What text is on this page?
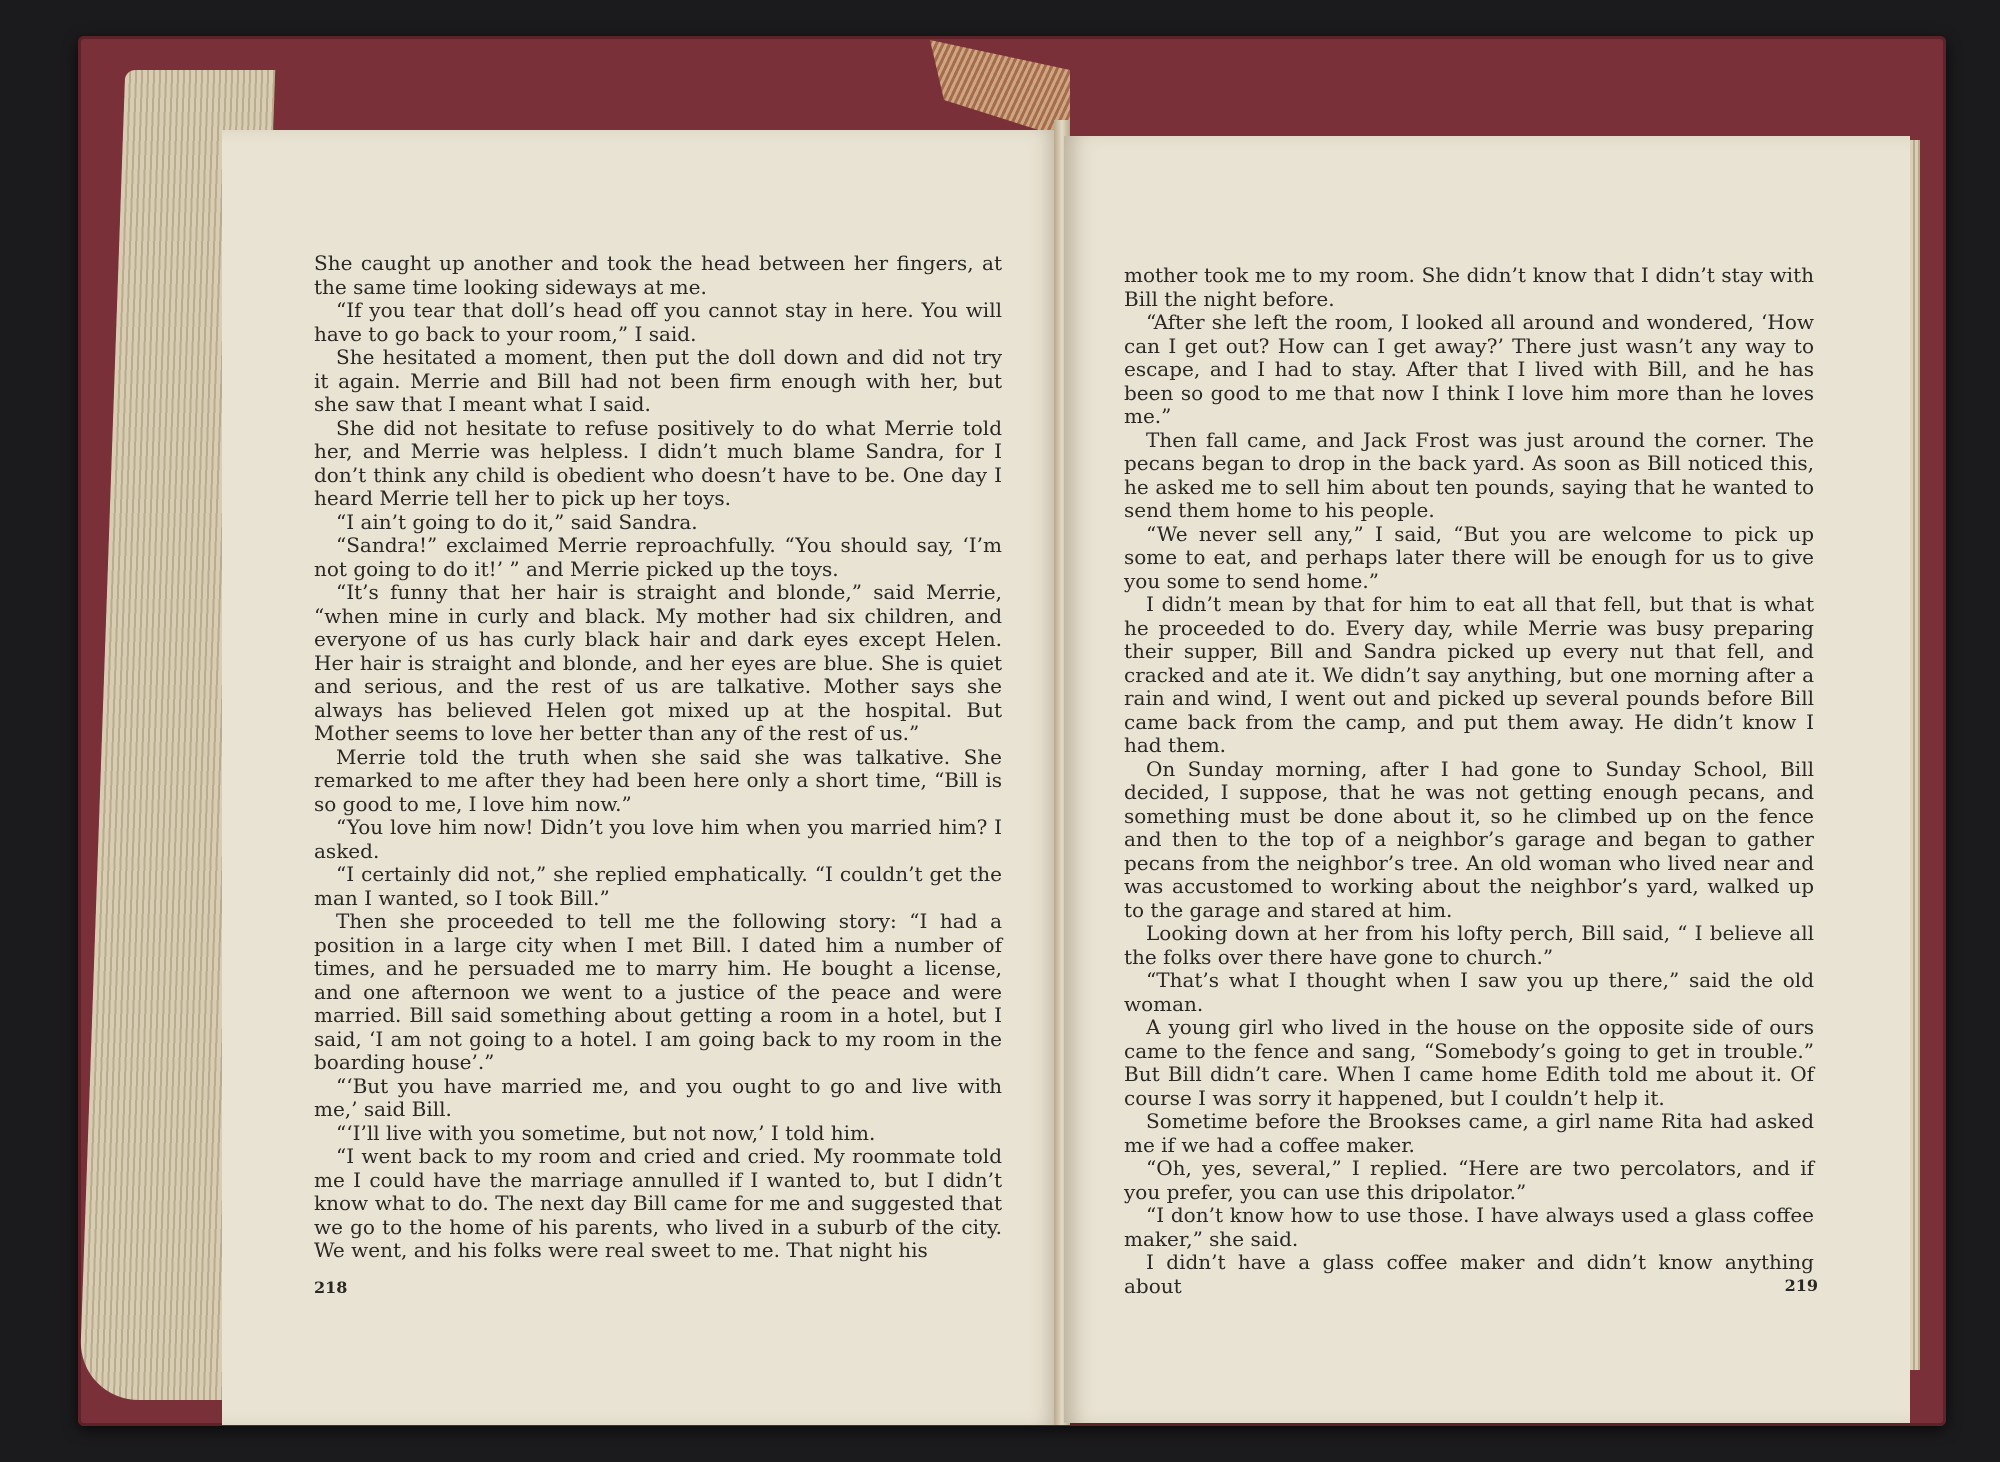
She caught up another and took the head between her fingers, at the same time looking sideways at me.

“If you tear that doll’s head off you cannot stay in here. You will have to go back to your room,” I said.

She hesitated a moment, then put the doll down and did not try it again. Merrie and Bill had not been firm enough with her, but she saw that I meant what I said.

She did not hesitate to refuse positively to do what Merrie told her, and Merrie was helpless. I didn’t much blame Sandra, for I don’t think any child is obedient who doesn’t have to be. One day I heard Merrie tell her to pick up her toys.

“I ain’t going to do it,” said Sandra.

“Sandra!” exclaimed Merrie reproachfully. “You should say, ‘I’m not going to do it!’ ” and Merrie picked up the toys.

“It’s funny that her hair is straight and blonde,” said Merrie, “when mine in curly and black. My mother had six children, and everyone of us has curly black hair and dark eyes except Helen. Her hair is straight and blonde, and her eyes are blue. She is quiet and serious, and the rest of us are talkative. Mother says she always has believed Helen got mixed up at the hospital. But Mother seems to love her better than any of the rest of us.”

Merrie told the truth when she said she was talkative. She remarked to me after they had been here only a short time, “Bill is so good to me, I love him now.”

“You love him now! Didn’t you love him when you married him? I asked.

“I certainly did not,” she replied emphatically. “I couldn’t get the man I wanted, so I took Bill.”

Then she proceeded to tell me the following story: “I had a position in a large city when I met Bill. I dated him a number of times, and he persuaded me to marry him. He bought a license, and one afternoon we went to a justice of the peace and were married. Bill said something about getting a room in a hotel, but I said, ‘I am not going to a hotel. I am going back to my room in the boarding house’.”

“‘But you have married me, and you ought to go and live with me,’ said Bill.

“‘I’ll live with you sometime, but not now,’ I told him.

“I went back to my room and cried and cried. My roommate told me I could have the marriage annulled if I wanted to, but I didn’t know what to do. The next day Bill came for me and suggested that we go to the home of his parents, who lived in a suburb of the city. We went, and his folks were real sweet to me. That night his

218

mother took me to my room. She didn’t know that I didn’t stay with Bill the night before.

“After she left the room, I looked all around and wondered, ‘How can I get out? How can I get away?’ There just wasn’t any way to escape, and I had to stay. After that I lived with Bill, and he has been so good to me that now I think I love him more than he loves me.”

Then fall came, and Jack Frost was just around the corner. The pecans began to drop in the back yard. As soon as Bill noticed this, he asked me to sell him about ten pounds, saying that he wanted to send them home to his people.

“We never sell any,” I said, “But you are welcome to pick up some to eat, and perhaps later there will be enough for us to give you some to send home.”

I didn’t mean by that for him to eat all that fell, but that is what he proceeded to do. Every day, while Merrie was busy preparing their supper, Bill and Sandra picked up every nut that fell, and cracked and ate it. We didn’t say anything, but one morning after a rain and wind, I went out and picked up several pounds before Bill came back from the camp, and put them away. He didn’t know I had them.

On Sunday morning, after I had gone to Sunday School, Bill decided, I suppose, that he was not getting enough pecans, and something must be done about it, so he climbed up on the fence and then to the top of a neighbor’s garage and began to gather pecans from the neighbor’s tree. An old woman who lived near and was accustomed to working about the neighbor’s yard, walked up to the garage and stared at him.

Looking down at her from his lofty perch, Bill said, “ I believe all the folks over there have gone to church.”

“That’s what I thought when I saw you up there,” said the old woman.

A young girl who lived in the house on the opposite side of ours came to the fence and sang, “Somebody’s going to get in trouble.” But Bill didn’t care. When I came home Edith told me about it. Of course I was sorry it happened, but I couldn’t help it.

Sometime before the Brookses came, a girl name Rita had asked me if we had a coffee maker.

“Oh, yes, several,” I replied. “Here are two percolators, and if you prefer, you can use this dripolator.”

“I don’t know how to use those. I have always used a glass coffee maker,” she said.

I didn’t have a glass coffee maker and didn’t know anything about	219
